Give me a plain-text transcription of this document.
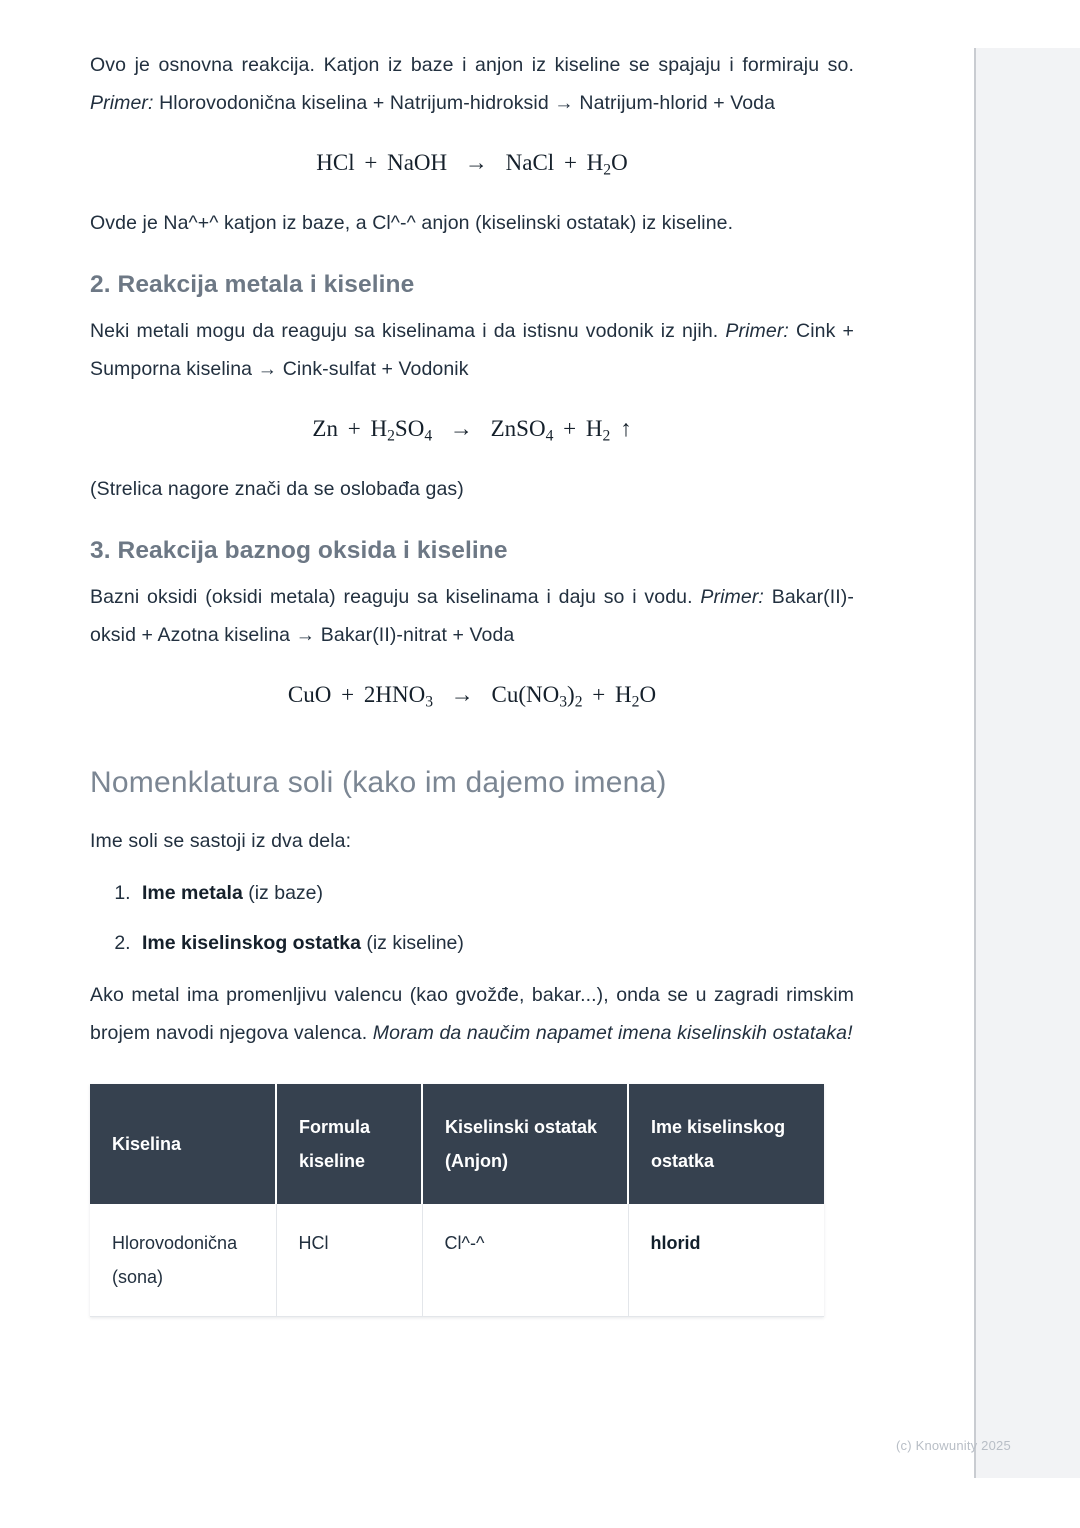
Ovo je osnovna reakcija. Katjon iz baze i anjon iz kiseline se spajaju i formiraju so. Primer: Hlorovodonična kiselina + Natrijum-hidroksid → Natrijum-hlorid + Voda

HCl + NaOH → NaCl + $H_2O$

Ovde je Na^+^ katjon iz baze, a Cl^-^ anjon (kiselinski ostatak) iz kiseline.

2. Reakcija metala i kiseline

Neki metali mogu da reaguju sa kiselinama i da istisnu vodonik iz njih. Primer: Cink + Sumporna kiselina → Cink-sulfat + Vodonik

$Zn + H_2SO_4$ → ZnSO$_4$ + $H_2$ ↑

(Strelica nagore znači da se oslobađa gas)

3. Reakcija baznog oksida i kiseline

Bazni oksidi (oksidi metala) reaguju sa kiselinama i daju so i vodu. Primer: Bakar(II)-oksid + Azotna kiselina → Bakar(II)-nitrat + Voda

CuO + $2HNO_3 \to Cu(NO_3)_2 + H_2O$
Nomenklatura soli (kako im dajemo imena)

Ime soli se sastoji iz dva dela:

1. Ime metala (iz baze)
2. Ime kiselinskog ostatka (iz kiseline)

Ako metal ima promenljivu valencu (kao gvožđe, bakar...), onda se u zagradi rimskim brojem navodi njegova valenca. Moram da naučim napamet imena kiselinskih ostataka!

Kiselina	Formula kiseline	Kiselinski ostatak (Anjon)	Ime kiselinskog ostatka
Hlorovodonična (sona)	HCl	Cl^-^	hlorid
(c) Knowunity 2025
